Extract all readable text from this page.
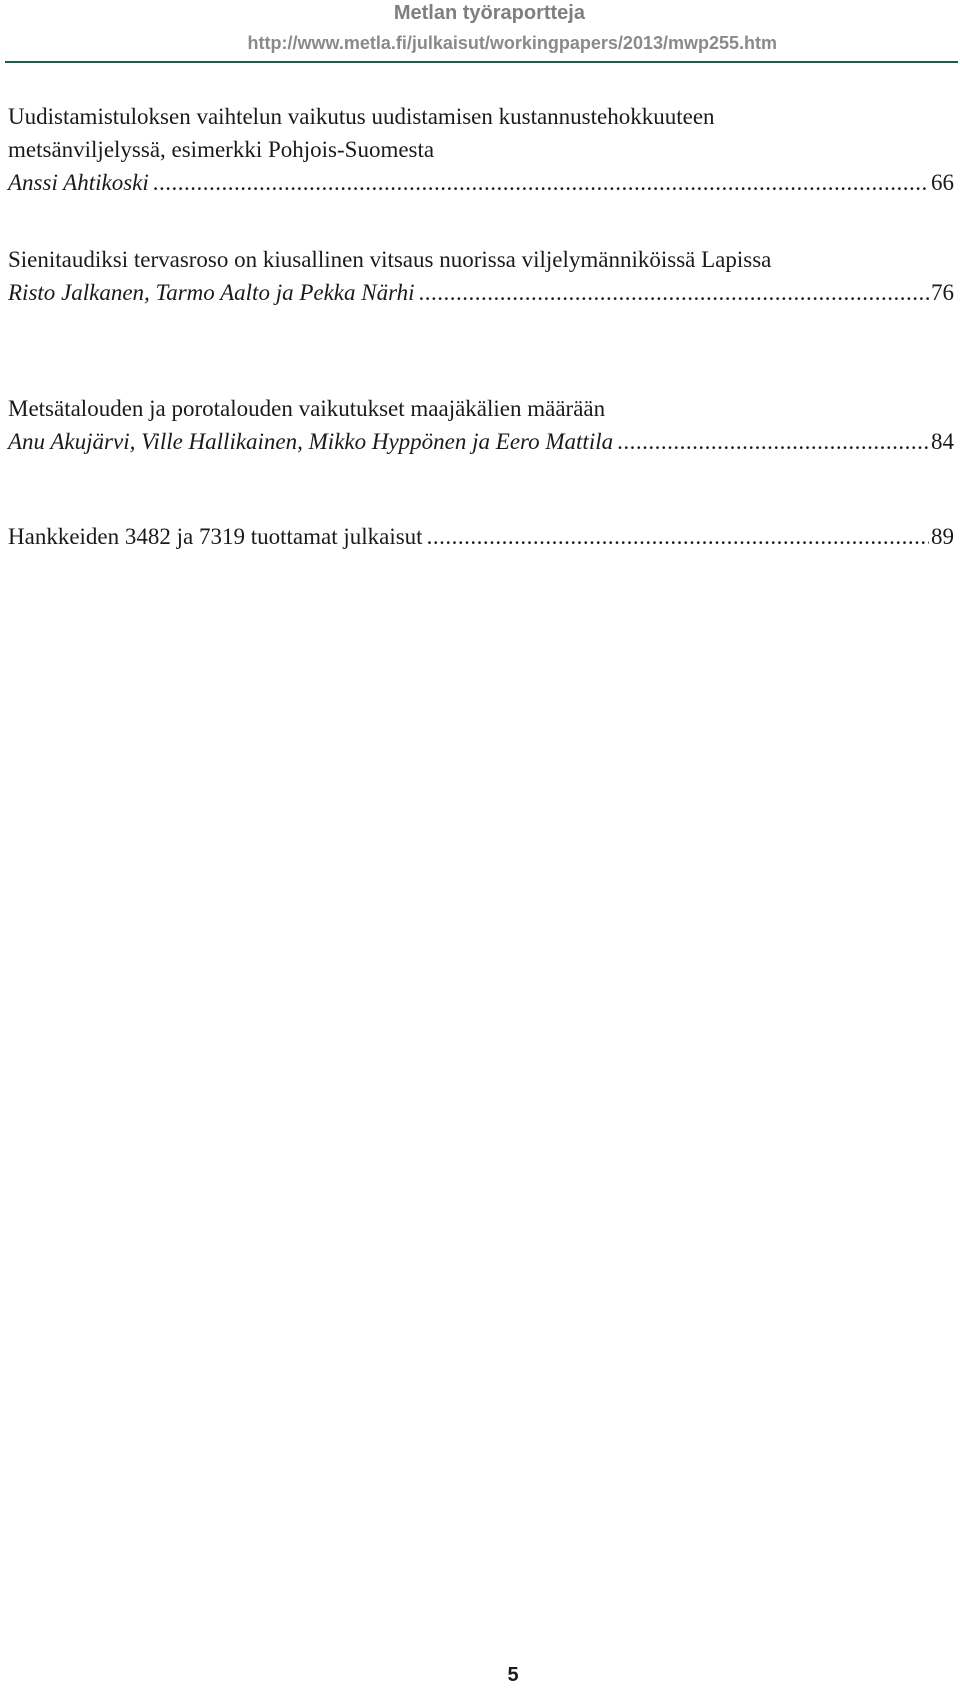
Metlan työraportteja
http://www.metla.fi/julkaisut/workingpapers/2013/mwp255.htm
Uudistamistuloksen vaihtelun vaikutus uudistamisen kustannustehokkuuteen
metsänviljelyssä, esimerkki Pohjois-Suomesta
Anssi Ahtikoski .....	66
Sienitaudiksi tervasroso on kiusallinen vitsaus nuorissa viljelymänniköissä Lapissa
Risto Jalkanen, Tarmo Aalto ja Pekka Närhi .....	76
Metsätalouden ja porotalouden vaikutukset maajäkälien määrään
Anu Akujärvi, Ville Hallikainen, Mikko Hyppönen ja Eero Mattila .....	84
Hankkeiden 3482 ja 7319 tuottamat julkaisut .....	89
5
